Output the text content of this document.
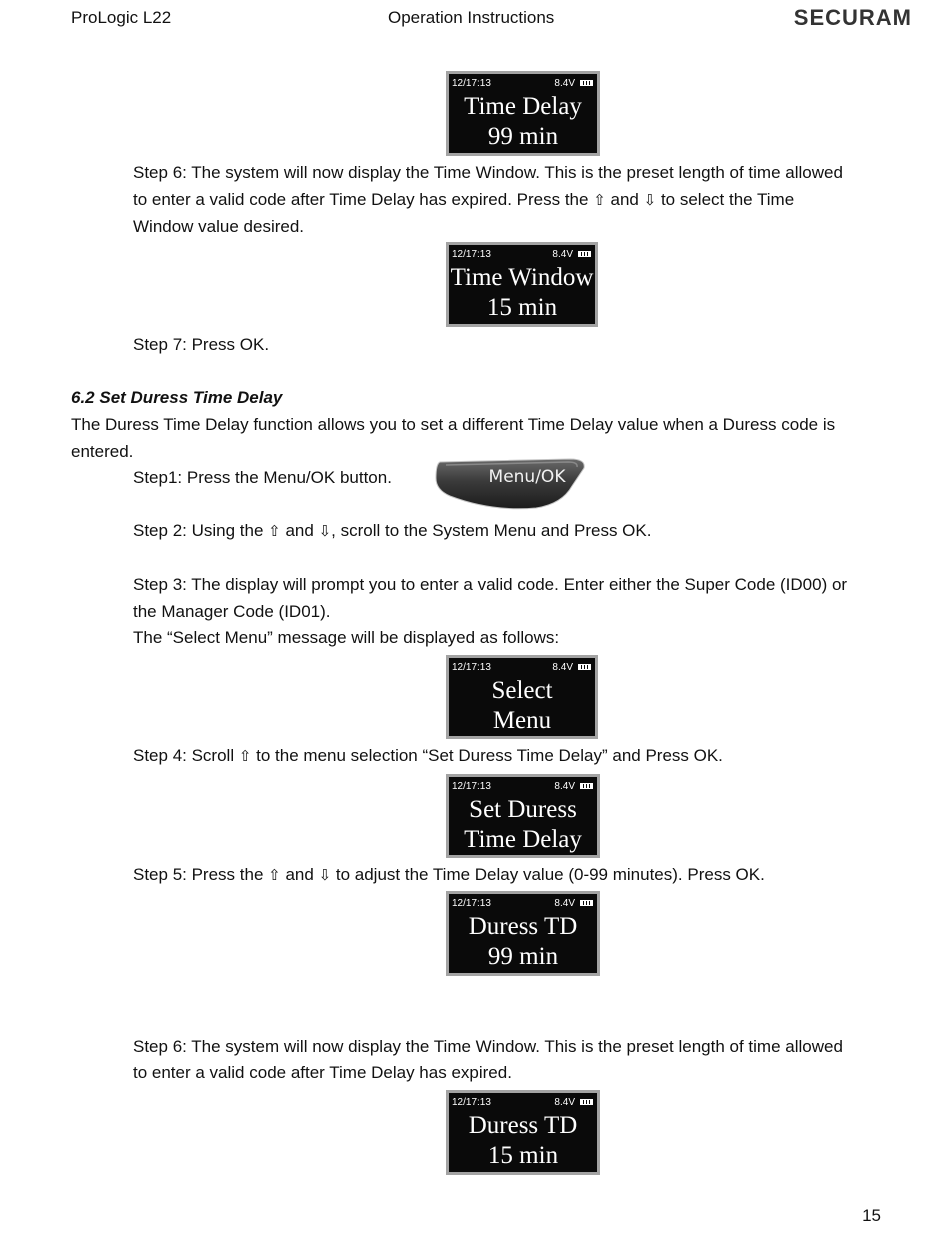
ProLogic L22	Operation Instructions	SECURAM
12/17:13	8.4V
Time Delay
99 min
Step 6: The system will now display the Time Window. This is the preset length of time allowed
to enter a valid code after Time Delay has expired. Press the ⇧ and ⇩ to select the Time
Window value desired.
12/17:13	8.4V
Time Window
15 min
Step 7: Press OK.
6.2 Set Duress Time Delay
The Duress Time Delay function allows you to set a different Time Delay value when a Duress code is
entered.
Step1: Press the Menu/OK button.	Menu/OK
Step 2: Using the ⇧ and ⇩, scroll to the System Menu and Press OK.
Step 3: The display will prompt you to enter a valid code. Enter either the Super Code (ID00) or
the Manager Code (ID01).
The “Select Menu” message will be displayed as follows:
12/17:13	8.4V
Select
Menu
Step 4: Scroll ⇧ to the menu selection “Set Duress Time Delay” and Press OK.
12/17:13	8.4V
Set Duress
Time Delay
Step 5: Press the ⇧ and ⇩ to adjust the Time Delay value (0-99 minutes). Press OK.
12/17:13	8.4V
Duress TD
99 min
Step 6: The system will now display the Time Window. This is the preset length of time allowed
to enter a valid code after Time Delay has expired.
12/17:13	8.4V
Duress TD
15 min
15
